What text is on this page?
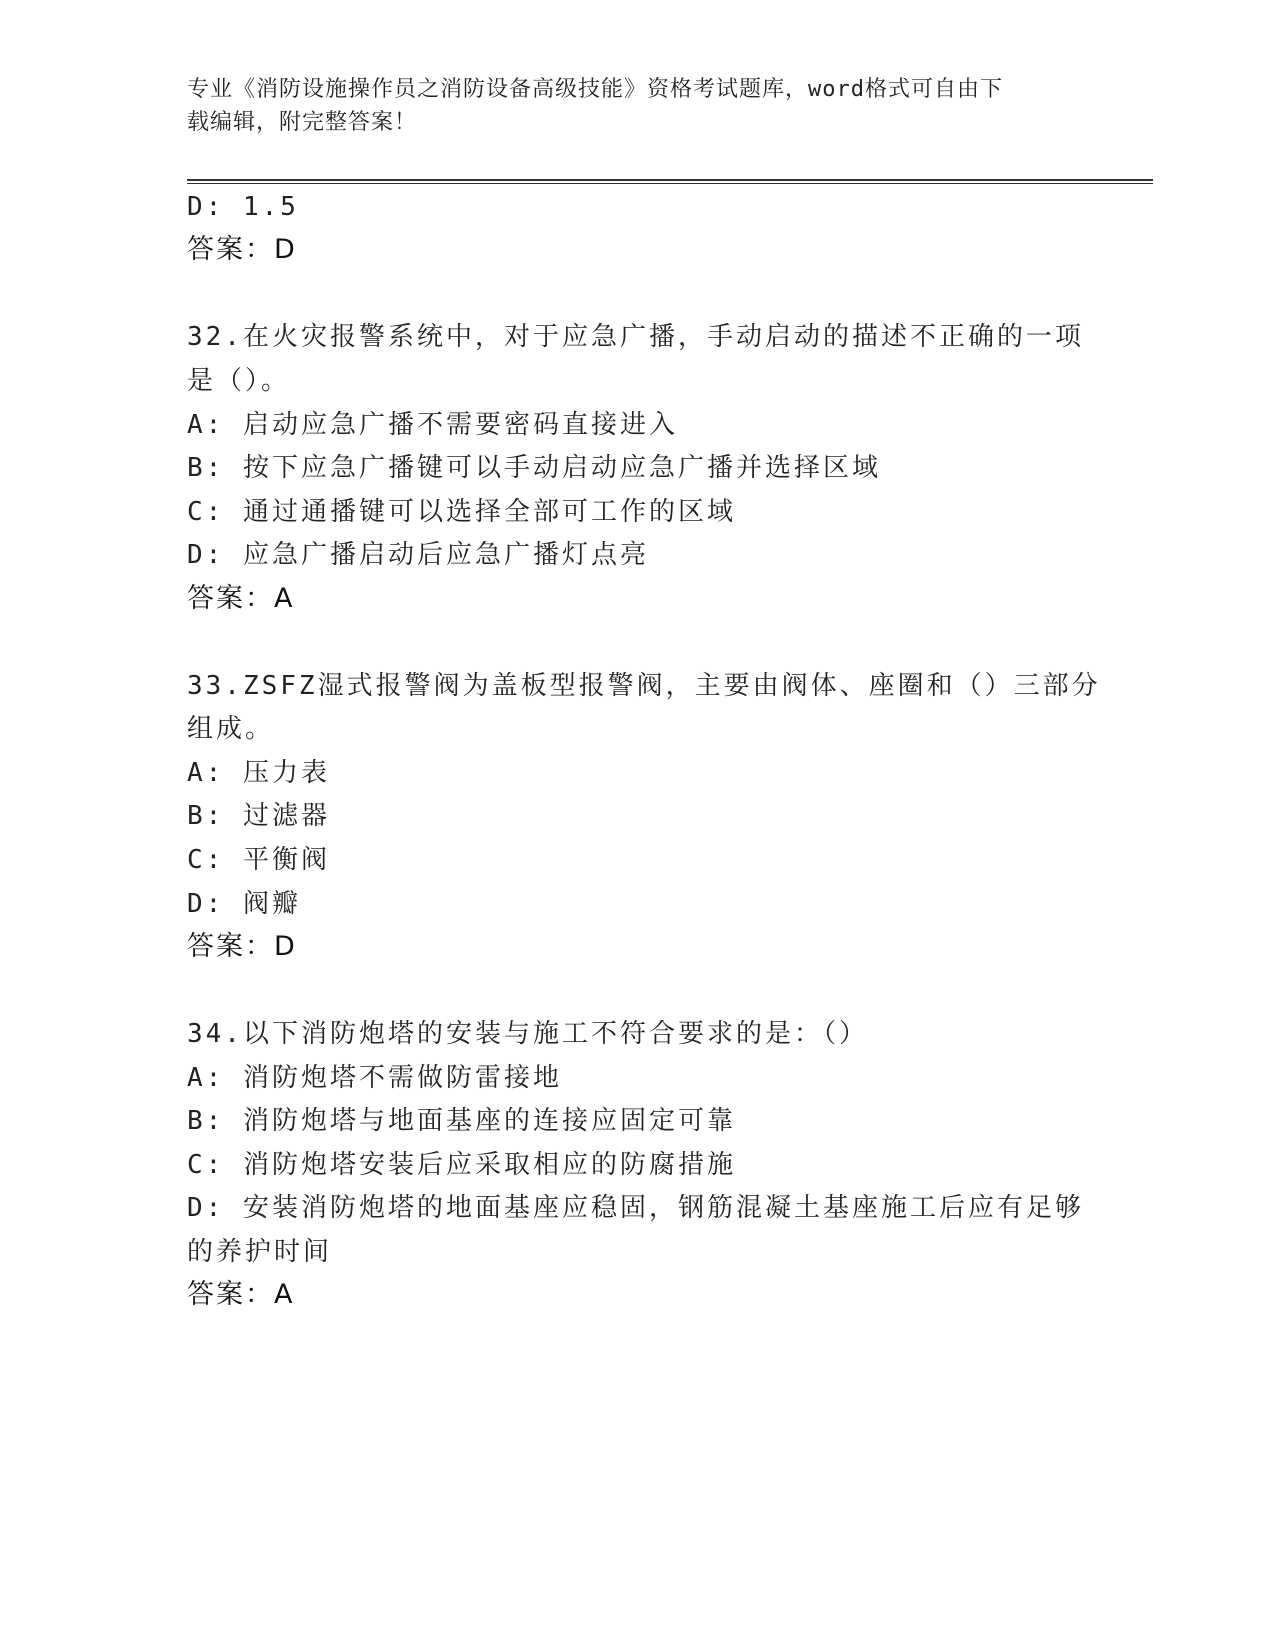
专业《消防设施操作员之消防设备高级技能》资格考试题库，word格式可自由下
载编辑，附完整答案！
D: 1.5
答案：D
32.在火灾报警系统中，对于应急广播，手动启动的描述不正确的一项
是（）。
A: 启动应急广播不需要密码直接进入
B: 按下应急广播键可以手动启动应急广播并选择区域
C: 通过通播键可以选择全部可工作的区域
D: 应急广播启动后应急广播灯点亮
答案：A
33.ZSFZ湿式报警阀为盖板型报警阀，主要由阀体、座圈和（）三部分
组成。
A: 压力表
B: 过滤器
C: 平衡阀
D: 阀瓣
答案：D
34.以下消防炮塔的安装与施工不符合要求的是：（）
A: 消防炮塔不需做防雷接地
B: 消防炮塔与地面基座的连接应固定可靠
C: 消防炮塔安装后应采取相应的防腐措施
D: 安装消防炮塔的地面基座应稳固，钢筋混凝土基座施工后应有足够
的养护时间
答案：A
